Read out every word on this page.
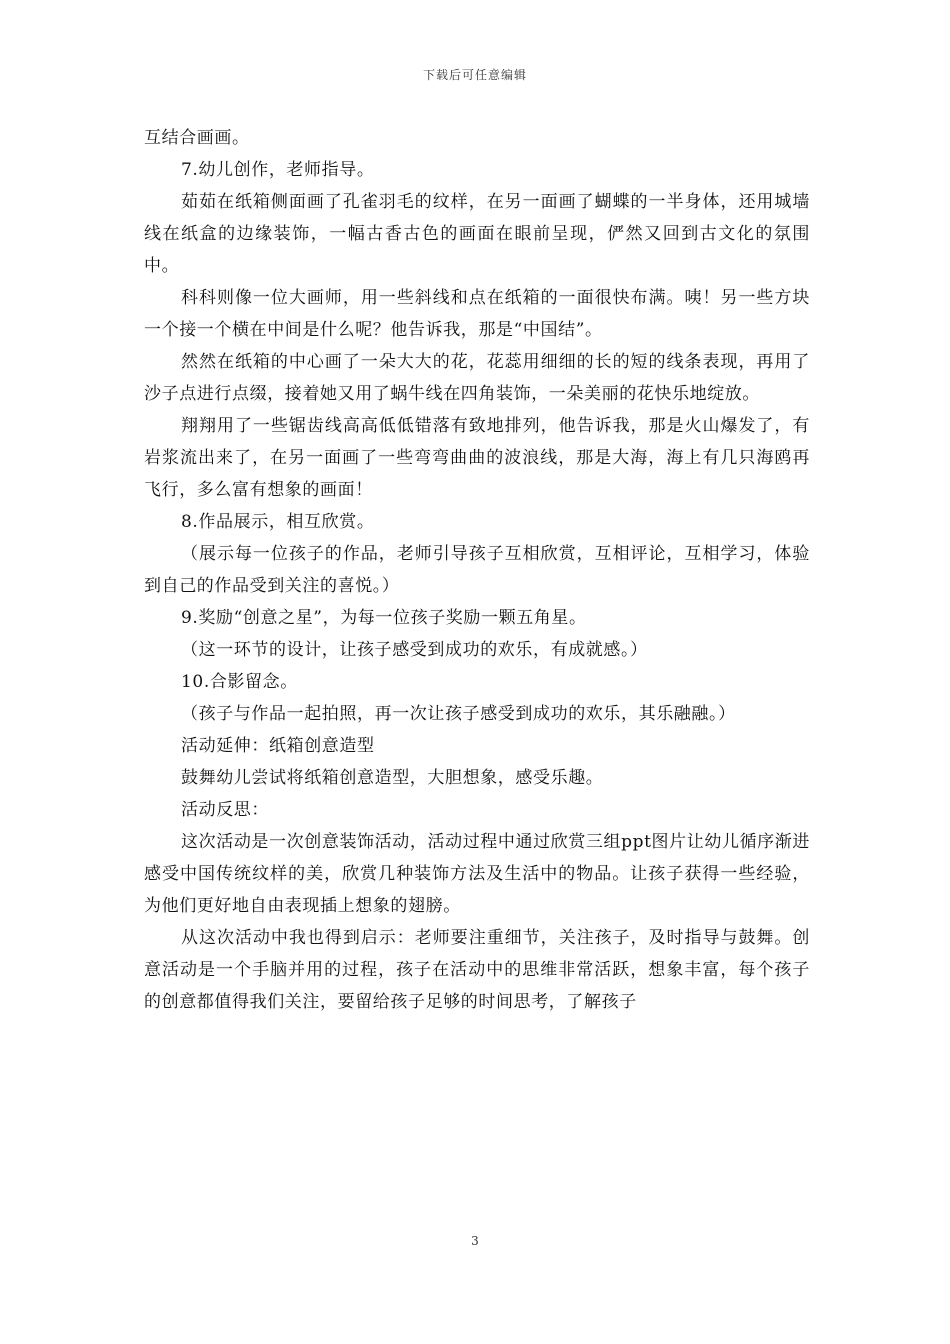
下载后可任意编辑

互结合画画。

7.幼儿创作，老师指导。

茹茹在纸箱侧面画了孔雀羽毛的纹样，在另一面画了蝴蝶的一半身体，还用城墙线在纸盒的边缘装饰，一幅古香古色的画面在眼前呈现，俨然又回到古文化的氛围中。

科科则像一位大画师，用一些斜线和点在纸箱的一面很快布满。咦！另一些方块一个接一个横在中间是什么呢？他告诉我，那是“中国结”。

然然在纸箱的中心画了一朵大大的花，花蕊用细细的长的短的线条表现，再用了沙子点进行点缀，接着她又用了蜗牛线在四角装饰，一朵美丽的花快乐地绽放。

翔翔用了一些锯齿线高高低低错落有致地排列，他告诉我，那是火山爆发了，有岩浆流出来了，在另一面画了一些弯弯曲曲的波浪线，那是大海，海上有几只海鸥再飞行，多么富有想象的画面！

8.作品展示，相互欣赏。

（展示每一位孩子的作品，老师引导孩子互相欣赏，互相评论，互相学习，体验到自己的作品受到关注的喜悦。）

9.奖励“创意之星”，为每一位孩子奖励一颗五角星。

（这一环节的设计，让孩子感受到成功的欢乐，有成就感。）

10.合影留念。

（孩子与作品一起拍照，再一次让孩子感受到成功的欢乐，其乐融融。）

活动延伸：纸箱创意造型

鼓舞幼儿尝试将纸箱创意造型，大胆想象，感受乐趣。

活动反思：

这次活动是一次创意装饰活动，活动过程中通过欣赏三组ppt图片让幼儿循序渐进感受中国传统纹样的美，欣赏几种装饰方法及生活中的物品。让孩子获得一些经验，为他们更好地自由表现插上想象的翅膀。

从这次活动中我也得到启示：老师要注重细节，关注孩子，及时指导与鼓舞。创意活动是一个手脑并用的过程，孩子在活动中的思维非常活跃，想象丰富，每个孩子的创意都值得我们关注，要留给孩子足够的时间思考，了解孩子

3
